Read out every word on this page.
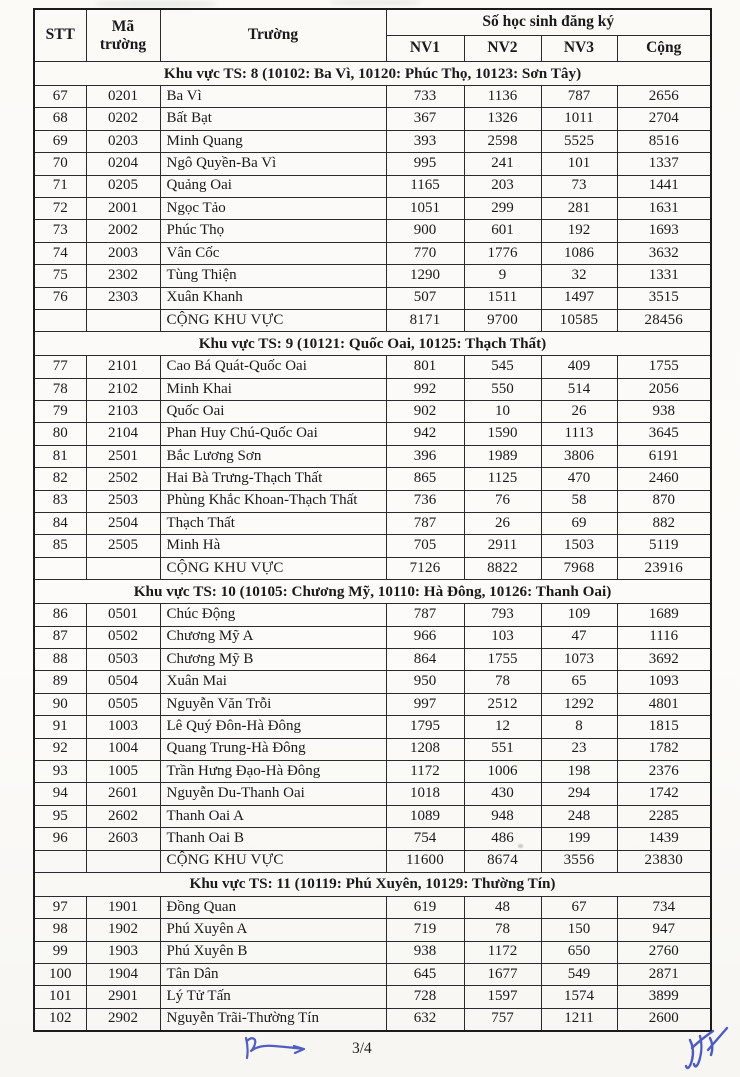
STT	Mã trường	Trường	Số học sinh đăng ký			
			NV1	NV2	NV3	Cộng
Khu vực TS: 8 (10102: Ba Vì, 10120: Phúc Thọ, 10123: Sơn Tây)						
67	0201	Ba Vì	733	1136	787	2656
68	0202	Bất Bạt	367	1326	1011	2704
69	0203	Minh Quang	393	2598	5525	8516
70	0204	Ngô Quyền-Ba Vì	995	241	101	1337
71	0205	Quảng Oai	1165	203	73	1441
72	2001	Ngọc Tảo	1051	299	281	1631
73	2002	Phúc Thọ	900	601	192	1693
74	2003	Vân Cốc	770	1776	1086	3632
75	2302	Tùng Thiện	1290	9	32	1331
76	2303	Xuân Khanh	507	1511	1497	3515
		CỘNG KHU VỰC	8171	9700	10585	28456
Khu vực TS: 9 (10121: Quốc Oai, 10125: Thạch Thất)						
77	2101	Cao Bá Quát-Quốc Oai	801	545	409	1755
78	2102	Minh Khai	992	550	514	2056
79	2103	Quốc Oai	902	10	26	938
80	2104	Phan Huy Chú-Quốc Oai	942	1590	1113	3645
81	2501	Bắc Lương Sơn	396	1989	3806	6191
82	2502	Hai Bà Trưng-Thạch Thất	865	1125	470	2460
83	2503	Phùng Khắc Khoan-Thạch Thất	736	76	58	870
84	2504	Thạch Thất	787	26	69	882
85	2505	Minh Hà	705	2911	1503	5119
		CỘNG KHU VỰC	7126	8822	7968	23916
Khu vực TS: 10 (10105: Chương Mỹ, 10110: Hà Đông, 10126: Thanh Oai)						
86	0501	Chúc Động	787	793	109	1689
87	0502	Chương Mỹ A	966	103	47	1116
88	0503	Chương Mỹ B	864	1755	1073	3692
89	0504	Xuân Mai	950	78	65	1093
90	0505	Nguyễn Văn Trỗi	997	2512	1292	4801
91	1003	Lê Quý Đôn-Hà Đông	1795	12	8	1815
92	1004	Quang Trung-Hà Đông	1208	551	23	1782
93	1005	Trần Hưng Đạo-Hà Đông	1172	1006	198	2376
94	2601	Nguyễn Du-Thanh Oai	1018	430	294	1742
95	2602	Thanh Oai A	1089	948	248	2285
96	2603	Thanh Oai B	754	486	199	1439
		CỘNG KHU VỰC	11600	8674	3556	23830
Khu vực TS: 11 (10119: Phú Xuyên, 10129: Thường Tín)						
97	1901	Đồng Quan	619	48	67	734
98	1902	Phú Xuyên A	719	78	150	947
99	1903	Phú Xuyên B	938	1172	650	2760
100	1904	Tân Dân	645	1677	549	2871
101	2901	Lý Tử Tấn	728	1597	1574	3899
102	2902	Nguyễn Trãi-Thường Tín	632	757	1211	2600
3/4
